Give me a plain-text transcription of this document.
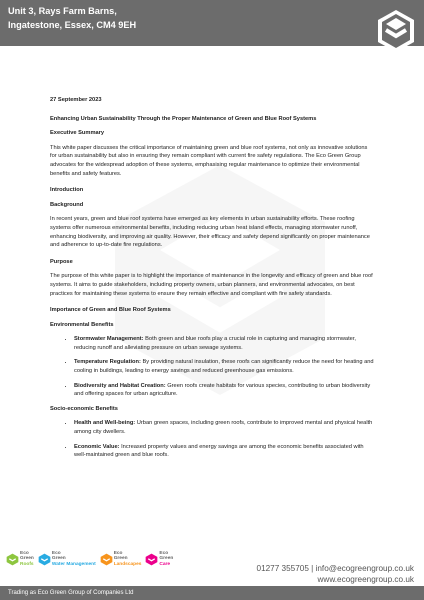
Unit 3, Rays Farm Barns,
Ingatestone, Essex, CM4 9EH

27 September 2023

Enhancing Urban Sustainability Through the Proper Maintenance of Green and Blue Roof Systems

Executive Summary

This white paper discusses the critical importance of maintaining green and blue roof systems, not only as innovative solutions for urban sustainability but also in ensuring they remain compliant with current fire safety regulations. The Eco Green Group advocates for the widespread adoption of these systems, emphasising regular maintenance to optimize their environmental benefits and safety features.

Introduction

Background

In recent years, green and blue roof systems have emerged as key elements in urban sustainability efforts. These roofing systems offer numerous environmental benefits, including reducing urban heat island effects, managing stormwater runoff, enhancing biodiversity, and improving air quality. However, their efficacy and safety depend significantly on proper maintenance and adherence to up-to-date fire regulations.

Purpose

The purpose of this white paper is to highlight the importance of maintenance in the longevity and efficacy of green and blue roof systems. It aims to guide stakeholders, including property owners, urban planners, and environmental advocates, on best practices for maintaining these systems to ensure they remain effective and compliant with fire safety standards.

Importance of Green and Blue Roof Systems

Environmental Benefits

• Stormwater Management: Both green and blue roofs play a crucial role in capturing and managing stormwater, reducing runoff and alleviating pressure on urban sewage systems.
• Temperature Regulation: By providing natural insulation, these roofs can significantly reduce the need for heating and cooling in buildings, leading to energy savings and reduced greenhouse gas emissions.
• Biodiversity and Habitat Creation: Green roofs create habitats for various species, contributing to urban biodiversity and offering spaces for urban agriculture.

Socio-economic Benefits

• Health and Well-being: Urban green spaces, including green roofs, contribute to improved mental and physical health among city dwellers.
• Economic Value: Increased property values and energy savings are among the economic benefits associated with well-maintained green and blue roofs.
Eco
Green
Roofs
Eco
Green
Water Management
Eco
Green
Landscapes
Eco
Green
Care	01277 355705 | info@ecogreengroup.co.uk
www.ecogreengroup.co.uk
Trading as Eco Green Group of Companies Ltd
